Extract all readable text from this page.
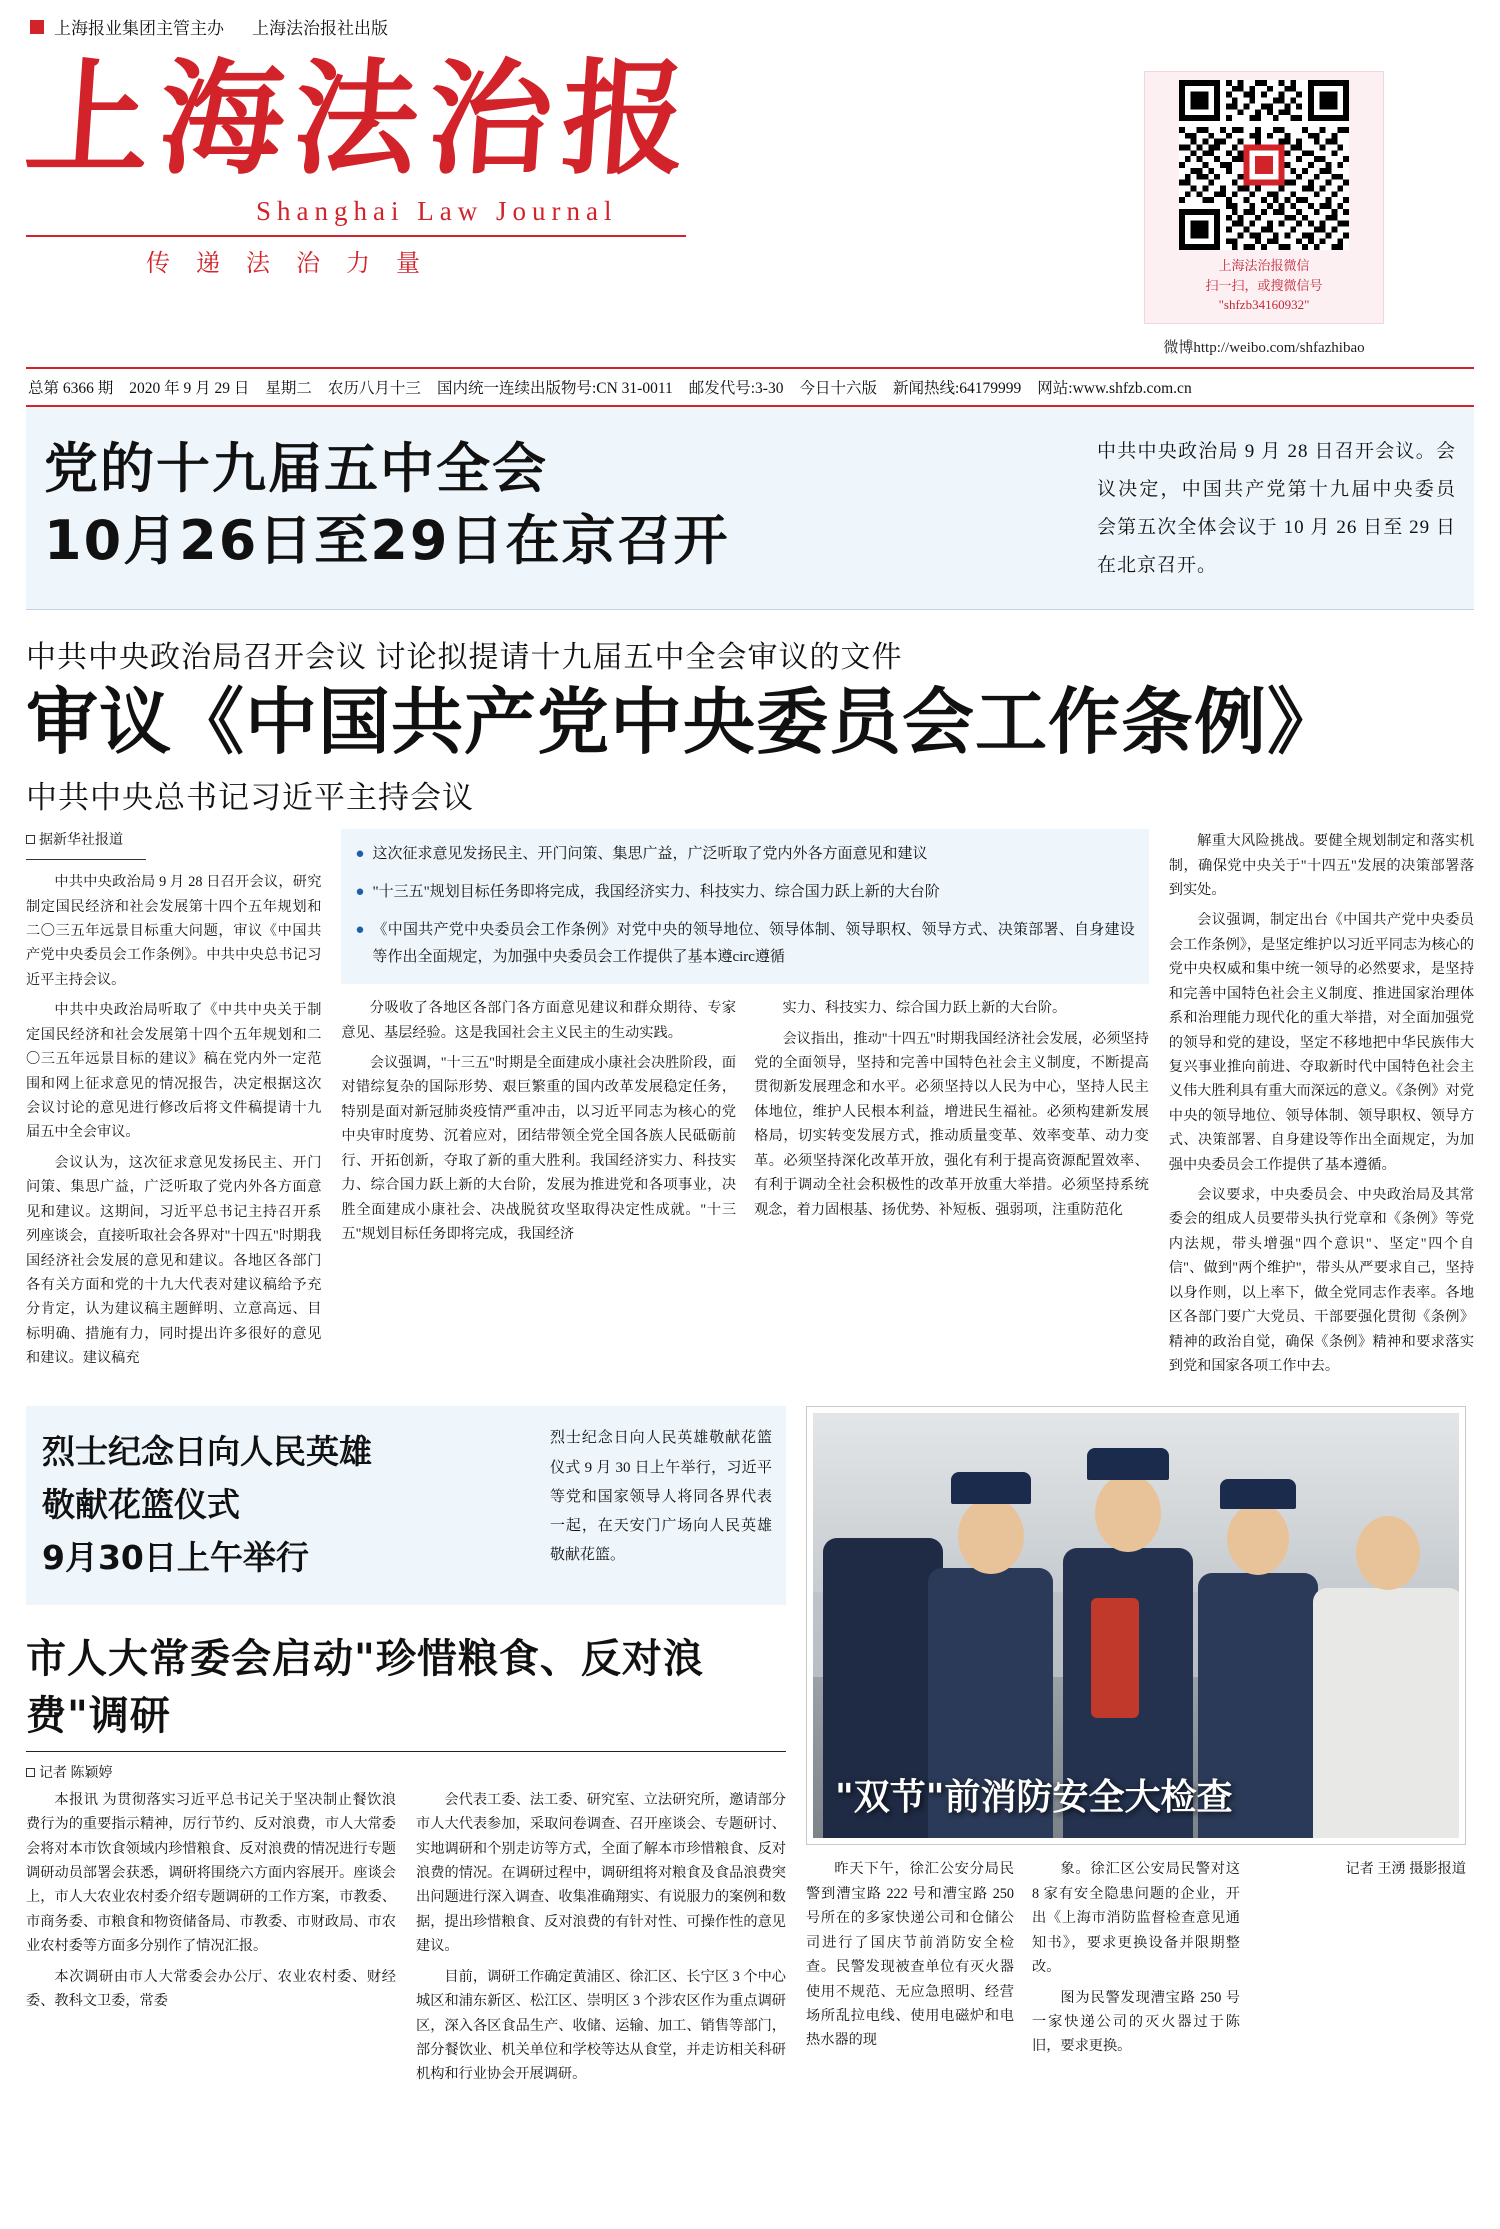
上海报业集团主管主办 上海法治报社出版
上海法治报
Shanghai Law Journal
传递法治力量	上海法治报微信
扫一扫，或搜微信号
"shfzb34160932"
微博http://weibo.com/shfazhibao
总第 6366 期 2020 年 9 月 29 日 星期二 农历八月十三 国内统一连续出版物号:CN 31-0011 邮发代号:3-30 今日十六版 新闻热线:64179999 网站:www.shfzb.com.cn
党的十九届五中全会
10月26日至29日在京召开
中共中央政治局 9 月 28 日召开会议。会议决定，中国共产党第十九届中央委员会第五次全体会议于 10 月 26 日至 29 日在北京召开。
中共中央政治局召开会议 讨论拟提请十九届五中全会审议的文件
审议《中国共产党中央委员会工作条例》
中共中央总书记习近平主持会议
据新华社报道

中共中央政治局 9 月 28 日召开会议，研究制定国民经济和社会发展第十四个五年规划和二〇三五年远景目标重大问题，审议《中国共产党中央委员会工作条例》。中共中央总书记习近平主持会议。

中共中央政治局听取了《中共中央关于制定国民经济和社会发展第十四个五年规划和二〇三五年远景目标的建议》稿在党内外一定范围和网上征求意见的情况报告，决定根据这次会议讨论的意见进行修改后将文件稿提请十九届五中全会审议。

会议认为，这次征求意见发扬民主、开门问策、集思广益，广泛听取了党内外各方面意见和建议。这期间，习近平总书记主持召开系列座谈会，直接听取社会各界对"十四五"时期我国经济社会发展的意见和建议。各地区各部门各有关方面和党的十九大代表对建议稿给予充分肯定，认为建议稿主题鲜明、立意高远、目标明确、措施有力，同时提出许多很好的意见和建议。建议稿充

● 这次征求意见发扬民主、开门问策、集思广益，广泛听取了党内外各方面意见和建议
● "十三五"规划目标任务即将完成，我国经济实力、科技实力、综合国力跃上新的大台阶
● 《中国共产党中央委员会工作条例》对党中央的领导地位、领导体制、领导职权、领导方式、决策部署、自身建设等作出全面规定，为加强中央委员会工作提供了基本遵circ遵循

分吸收了各地区各部门各方面意见建议和群众期待、专家意见、基层经验。这是我国社会主义民主的生动实践。

会议强调，"十三五"时期是全面建成小康社会决胜阶段，面对错综复杂的国际形势、艰巨繁重的国内改革发展稳定任务，特别是面对新冠肺炎疫情严重冲击，以习近平同志为核心的党中央审时度势、沉着应对，团结带领全党全国各族人民砥砺前行、开拓创新，夺取了新的重大胜利。我国经济实力、科技实力、综合国力跃上新的大台阶，发展为推进党和各项事业，决胜全面建成小康社会、决战脱贫攻坚取得决定性成就。"十三五"规划目标任务即将完成，我国经济

实力、科技实力、综合国力跃上新的大台阶。

会议指出，推动"十四五"时期我国经济社会发展，必须坚持党的全面领导，坚持和完善中国特色社会主义制度，不断提高贯彻新发展理念和水平。必须坚持以人民为中心，坚持人民主体地位，维护人民根本利益，增进民生福祉。必须构建新发展格局，切实转变发展方式，推动质量变革、效率变革、动力变革。必须坚持深化改革开放，强化有利于提高资源配置效率、有利于调动全社会积极性的改革开放重大举措。必须坚持系统观念，着力固根基、扬优势、补短板、强弱项，注重防范化

解重大风险挑战。要健全规划制定和落实机制，确保党中央关于"十四五"发展的决策部署落到实处。

会议强调，制定出台《中国共产党中央委员会工作条例》，是坚定维护以习近平同志为核心的党中央权威和集中统一领导的必然要求，是坚持和完善中国特色社会主义制度、推进国家治理体系和治理能力现代化的重大举措，对全面加强党的领导和党的建设，坚定不移地把中华民族伟大复兴事业推向前进、夺取新时代中国特色社会主义伟大胜利具有重大而深远的意义。《条例》对党中央的领导地位、领导体制、领导职权、领导方式、决策部署、自身建设等作出全面规定，为加强中央委员会工作提供了基本遵循。

会议要求，中央委员会、中央政治局及其常委会的组成人员要带头执行党章和《条例》等党内法规，带头增强"四个意识"、坚定"四个自信"、做到"两个维护"，带头从严要求自己，坚持以身作则，以上率下，做全党同志作表率。各地区各部门要广大党员、干部要强化贯彻《条例》精神的政治自觉，确保《条例》精神和要求落实到党和国家各项工作中去。

烈士纪念日向人民英雄
敬献花篮仪式
9月30日上午举行
烈士纪念日向人民英雄敬献花篮仪式 9 月 30 日上午举行，习近平等党和国家领导人将同各界代表一起，在天安门广场向人民英雄敬献花篮。
市人大常委会启动"珍惜粮食、反对浪费"调研
记者 陈颖婷

本报讯 为贯彻落实习近平总书记关于坚决制止餐饮浪费行为的重要指示精神，厉行节约、反对浪费，市人大常委会将对本市饮食领域内珍惜粮食、反对浪费的情况进行专题调研动员部署会获悉，调研将围绕六方面内容展开。座谈会上，市人大农业农村委介绍专题调研的工作方案，市教委、市商务委、市粮食和物资储备局、市教委、市财政局、市农业农村委等方面多分别作了情况汇报。

本次调研由市人大常委会办公厅、农业农村委、财经委、教科文卫委，常委

会代表工委、法工委、研究室、立法研究所，邀请部分市人大代表参加，采取问卷调查、召开座谈会、专题研讨、实地调研和个别走访等方式，全面了解本市珍惜粮食、反对浪费的情况。在调研过程中，调研组将对粮食及食品浪费突出问题进行深入调查、收集准确翔实、有说服力的案例和数据，提出珍惜粮食、反对浪费的有针对性、可操作性的意见建议。

目前，调研工作确定黄浦区、徐汇区、长宁区 3 个中心城区和浦东新区、松江区、崇明区 3 个涉农区作为重点调研区，深入各区食品生产、收储、运输、加工、销售等部门，部分餐饮业、机关单位和学校等达从食堂，并走访相关科研机构和行业协会开展调研。

"双节"前消防安全大检查

昨天下午，徐汇公安分局民警到漕宝路 222 号和漕宝路 250 号所在的多家快递公司和仓储公司进行了国庆节前消防安全检查。民警发现被查单位有灭火器使用不规范、无应急照明、经营场所乱拉电线、使用电磁炉和电热水器的现

象。徐汇区公安局民警对这 8 家有安全隐患问题的企业，开出《上海市消防监督检查意见通知书》，要求更换设备并限期整改。

图为民警发现漕宝路 250 号一家快递公司的灭火器过于陈旧，要求更换。

记者 王湧 摄影报道
